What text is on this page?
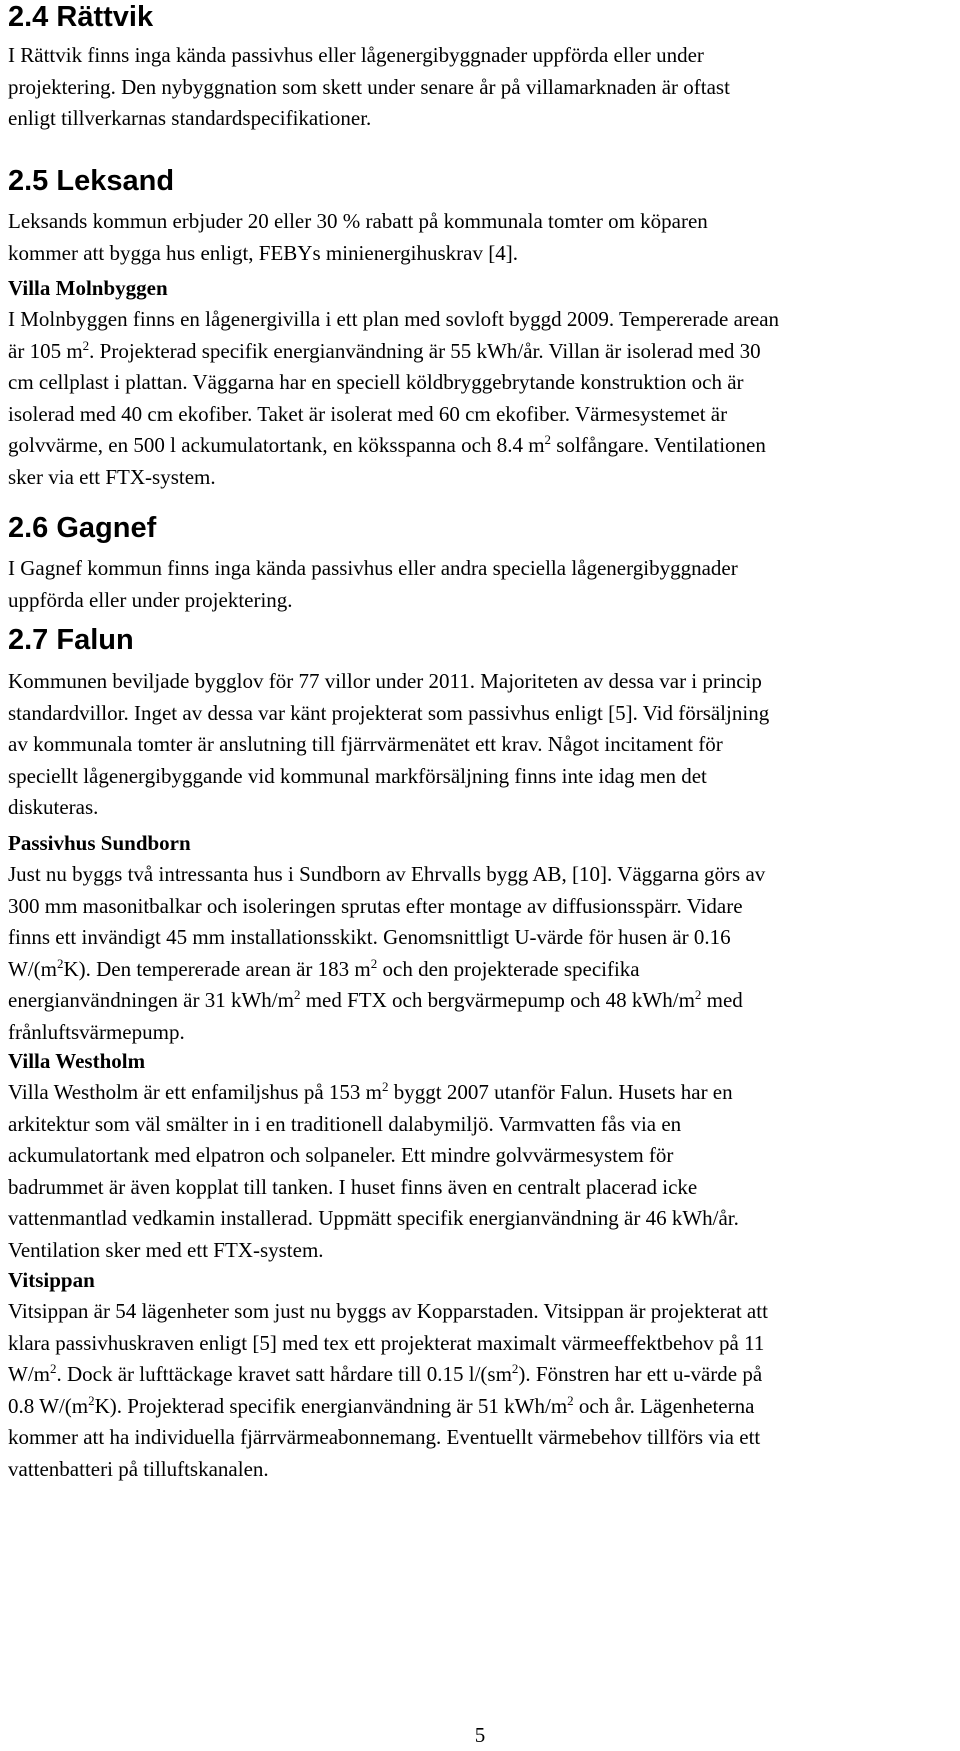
2.4 Rättvik

I Rättvik finns inga kända passivhus eller lågenergibyggnader uppförda eller under
projektering. Den nybyggnation som skett under senare år på villamarknaden är oftast
enligt tillverkarnas standardspecifikationer.

2.5 Leksand

Leksands kommun erbjuder 20 eller 30 % rabatt på kommunala tomter om köparen
kommer att bygga hus enligt, FEBYs minienergihuskrav [4].

Villa Molnbyggen

I Molnbyggen finns en lågenergivilla i ett plan med sovloft byggd 2009. Tempererade arean
är 105 $m^2$. Projekterad specifik energianvändning är 55 kWh/år. Villan är isolerad med 30
cm cellplast i plattan. Väggarna har en speciell köldbryggebrytande konstruktion och är
isolerad med 40 cm ekofiber. Taket är isolerat med 60 cm ekofiber. Värmesystemet är
golvvärme, en 500 l ackumulatortank, en köksspanna och 8.4 $m^2$ solfångare. Ventilationen
sker via ett FTX-system.

2.6 Gagnef

I Gagnef kommun finns inga kända passivhus eller andra speciella lågenergibyggnader
uppförda eller under projektering.

2.7 Falun

Kommunen beviljade bygglov för 77 villor under 2011. Majoriteten av dessa var i princip
standardvillor. Inget av dessa var känt projekterat som passivhus enligt [5]. Vid försäljning
av kommunala tomter är anslutning till fjärrvärmenätet ett krav. Något incitament för
speciellt lågenergibyggande vid kommunal markförsäljning finns inte idag men det
diskuteras.

Passivhus Sundborn

Just nu byggs två intressanta hus i Sundborn av Ehrvalls bygg AB, [10]. Väggarna görs av
300 mm masonitbalkar och isoleringen sprutas efter montage av diffusionsspärr. Vidare
finns ett invändigt 45 mm installationsskikt. Genomsnittligt U-värde för husen är 0.16
$W/(m^2K)$. Den tempererade arean är 183 $m^2$ och den projekterade specifika
energianvändningen är 31 kWh/$m^2$ med FTX och bergvärmepump och 48 kWh/$m^2$ med
frånluftsvärmepump.

Villa Westholm

Villa Westholm är ett enfamiljshus på 153 $m^2$ byggt 2007 utanför Falun. Husets har en
arkitektur som väl smälter in i en traditionell dalabymiljö. Varmvatten fås via en
ackumulatortank med elpatron och solpaneler. Ett mindre golvvärmesystem för
badrummet är även kopplat till tanken. I huset finns även en centralt placerad icke
vattenmantlad vedkamin installerad. Uppmätt specifik energianvändning är 46 kWh/år.
Ventilation sker med ett FTX-system.

Vitsippan

Vitsippan är 54 lägenheter som just nu byggs av Kopparstaden. Vitsippan är projekterat att
klara passivhuskraven enligt [5] med tex ett projekterat maximalt värmeeffektbehov på 11
$W/m^2$. Dock är lufttäckage kravet satt hårdare till 0.15 $l/(sm^2)$. Fönstren har ett u-värde på
0.8 $W/(m^2K)$. Projekterad specifik energianvändning är 51 kWh/$m^2$ och år. Lägenheterna
kommer att ha individuella fjärrvärmeabonnemang. Eventuellt värmebehov tillförs via ett
vattenbatteri på tilluftskanalen.

5
